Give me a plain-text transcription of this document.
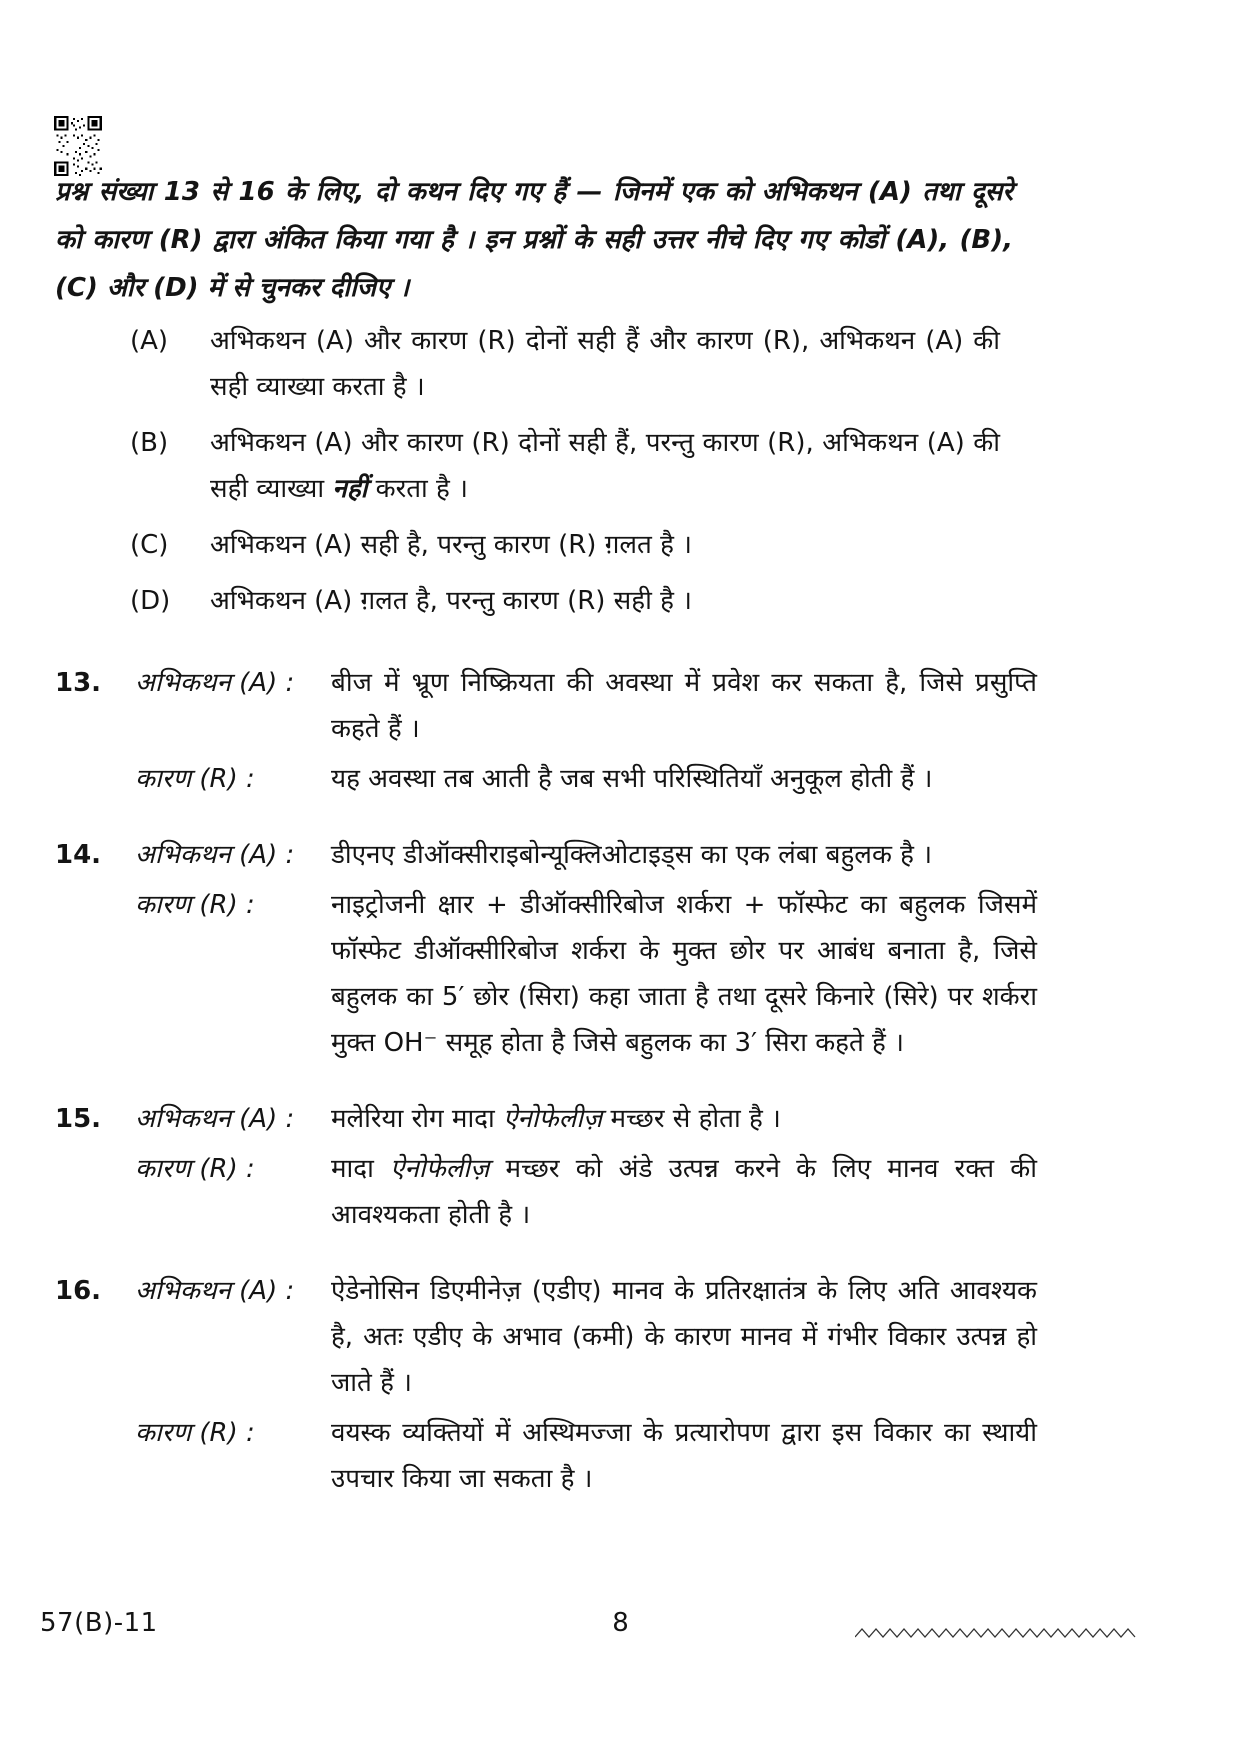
प्रश्न संख्या 13 से 16 के लिए, दो कथन दिए गए हैं — जिनमें एक को अभिकथन (A) तथा दूसरे को कारण (R) द्वारा अंकित किया गया है । इन प्रश्नों के सही उत्तर नीचे दिए गए कोडों (A), (B), (C) और (D) में से चुनकर दीजिए ।
(A)	अभिकथन (A) और कारण (R) दोनों सही हैं और कारण (R), अभिकथन (A) की सही व्याख्या करता है ।
(B)	अभिकथन (A) और कारण (R) दोनों सही हैं, परन्तु कारण (R), अभिकथन (A) की सही व्याख्या नहीं करता है ।
(C)	अभिकथन (A) सही है, परन्तु कारण (R) ग़लत है ।
(D)	अभिकथन (A) ग़लत है, परन्तु कारण (R) सही है ।
13.	अभिकथन (A) :	बीज में भ्रूण निष्क्रियता की अवस्था में प्रवेश कर सकता है, जिसे प्रसुप्ति कहते हैं ।
कारण (R) :	यह अवस्था तब आती है जब सभी परिस्थितियाँ अनुकूल होती हैं ।
14.	अभिकथन (A) :	डीएनए डीऑक्सीराइबोन्यूक्लिओटाइड्स का एक लंबा बहुलक है ।
कारण (R) :	नाइट्रोजनी क्षार + डीऑक्सीरिबोज शर्करा + फॉस्फेट का बहुलक जिसमें फॉस्फेट डीऑक्सीरिबोज शर्करा के मुक्त छोर पर आबंध बनाता है, जिसे बहुलक का 5′ छोर (सिरा) कहा जाता है तथा दूसरे किनारे (सिरे) पर शर्करा मुक्त OH⁻ समूह होता है जिसे बहुलक का 3′ सिरा कहते हैं ।
15.	अभिकथन (A) :	मलेरिया रोग मादा ऐनोफेलीज़ मच्छर से होता है ।
कारण (R) :	मादा ऐनोफेलीज़ मच्छर को अंडे उत्पन्न करने के लिए मानव रक्त की आवश्यकता होती है ।
16.	अभिकथन (A) :	ऐडेनोसिन डिएमीनेज़ (एडीए) मानव के प्रतिरक्षातंत्र के लिए अति आवश्यक है, अतः एडीए के अभाव (कमी) के कारण मानव में गंभीर विकार उत्पन्न हो जाते हैं ।
कारण (R) :	वयस्क व्यक्तियों में अस्थिमज्जा के प्रत्यारोपण द्वारा इस विकार का स्थायी उपचार किया जा सकता है ।
57(B)-11	8
